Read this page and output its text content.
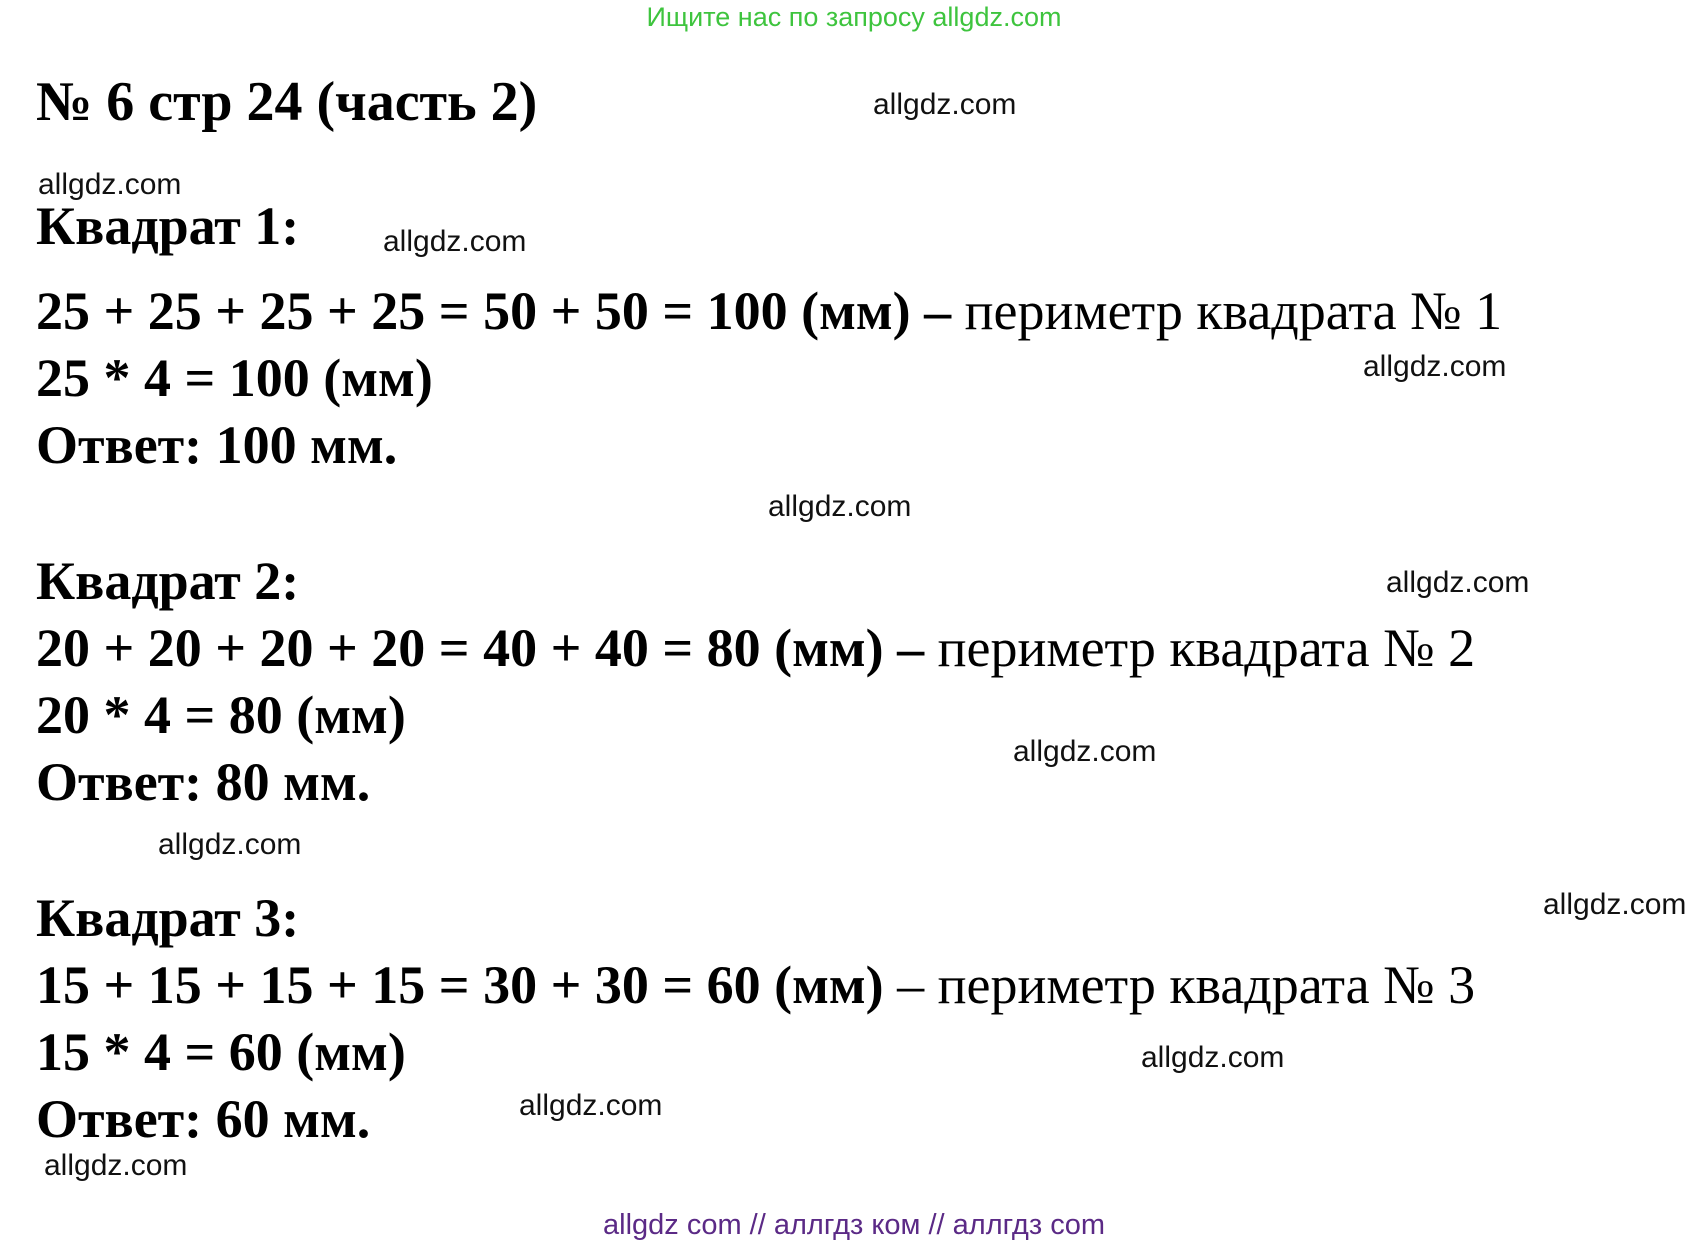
Ищите нас по запросу allgdz.com
№ 6 стр 24 (часть 2)
Квадрат 1:
25 + 25 + 25 + 25 = 50 + 50 = 100 (мм) – периметр квадрата № 1
25 * 4 = 100 (мм)
Ответ: 100 мм.
Квадрат 2:
20 + 20 + 20 + 20 = 40 + 40 = 80 (мм) – периметр квадрата № 2
20 * 4 = 80 (мм)
Ответ: 80 мм.
Квадрат 3:
15 + 15 + 15 + 15 = 30 + 30 = 60 (мм) – периметр квадрата № 3
15 * 4 = 60 (мм)
Ответ: 60 мм.
allgdz.com
allgdz.com
allgdz.com
allgdz.com
allgdz.com
allgdz.com
allgdz.com
allgdz.com
allgdz.com
allgdz.com
allgdz.com
allgdz.com
allgdz com // аллгдз ком // аллгдз com
